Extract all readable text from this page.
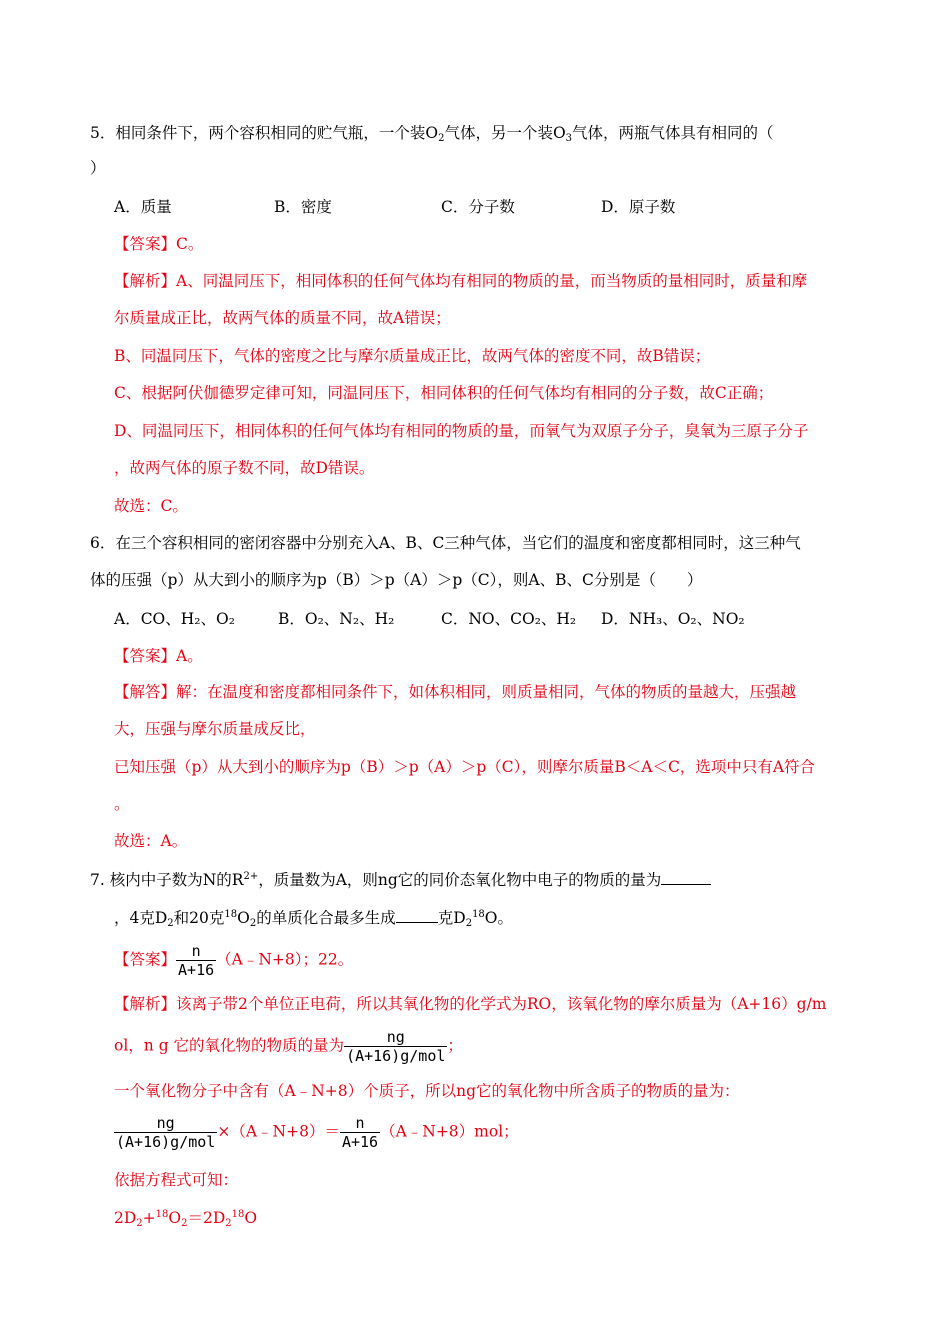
5．相同条件下，两个容积相同的贮气瓶，一个装$O_2$气体，另一个装$O_3$气体，两瓶气体具有相同的（
）
A．质量	B．密度	C．分子数	D．原子数
【答案】C。
【解析】A、同温同压下，相同体积的任何气体均有相同的物质的量，而当物质的量相同时，质量和摩
尔质量成正比，故两气体的质量不同，故A错误；
B、同温同压下，气体的密度之比与摩尔质量成正比，故两气体的密度不同，故B错误；
C、根据阿伏伽德罗定律可知，同温同压下，相同体积的任何气体均有相同的分子数，故C正确；
D、同温同压下，相同体积的任何气体均有相同的物质的量，而氧气为双原子分子，臭氧为三原子分子
，故两气体的原子数不同，故D错误。
故选：C。
6．在三个容积相同的密闭容器中分别充入A、B、C三种气体，当它们的温度和密度都相同时，这三种气
体的压强（p）从大到小的顺序为p（B）＞p（A）＞p（C），则A、B、C分别是（　　）
A．CO、H₂、O₂	B．O₂、N₂、H₂	C．NO、CO₂、H₂ D．NH₃、O₂、NO₂
【答案】A。
【解答】解：在温度和密度都相同条件下，如体积相同，则质量相同，气体的物质的量越大，压强越
大，压强与摩尔质量成反比，
已知压强（p）从大到小的顺序为p（B）＞p（A）＞p（C），则摩尔质量B＜A＜C，选项中只有A符合
。
故选：A。
7. 核内中子数为N的$R^{2+}$，质量数为A，则ng它的同价态氧化物中电子的物质的量为
，4克$D_2$和20克$^{18}O_2$的单质化合最多生成	克$D_2^{18}O$。
【答案】 $\frac{n}{A+16}$ （A﹣N+8）；22。
【解析】该离子带2个单位正电荷，所以其氧化物的化学式为RO，该氧化物的摩尔质量为（A+16）g/m
ol，n g 它的氧化物的物质的量为 $\frac{ng}{\text{(A+16)g/mol}}$ ；
一个氧化物分子中含有（A﹣N+8）个质子，所以ng它的氧化物中所含质子的物质的量为：
$\frac{ng}{\text{(A+16)g/mol}}$ ×（A﹣N+8）＝ $\frac{n}{A+16}$ （A﹣N+8）mol；
依据方程式可知：
$2D_2+^{18}O_2=2D_2^{18}O$
